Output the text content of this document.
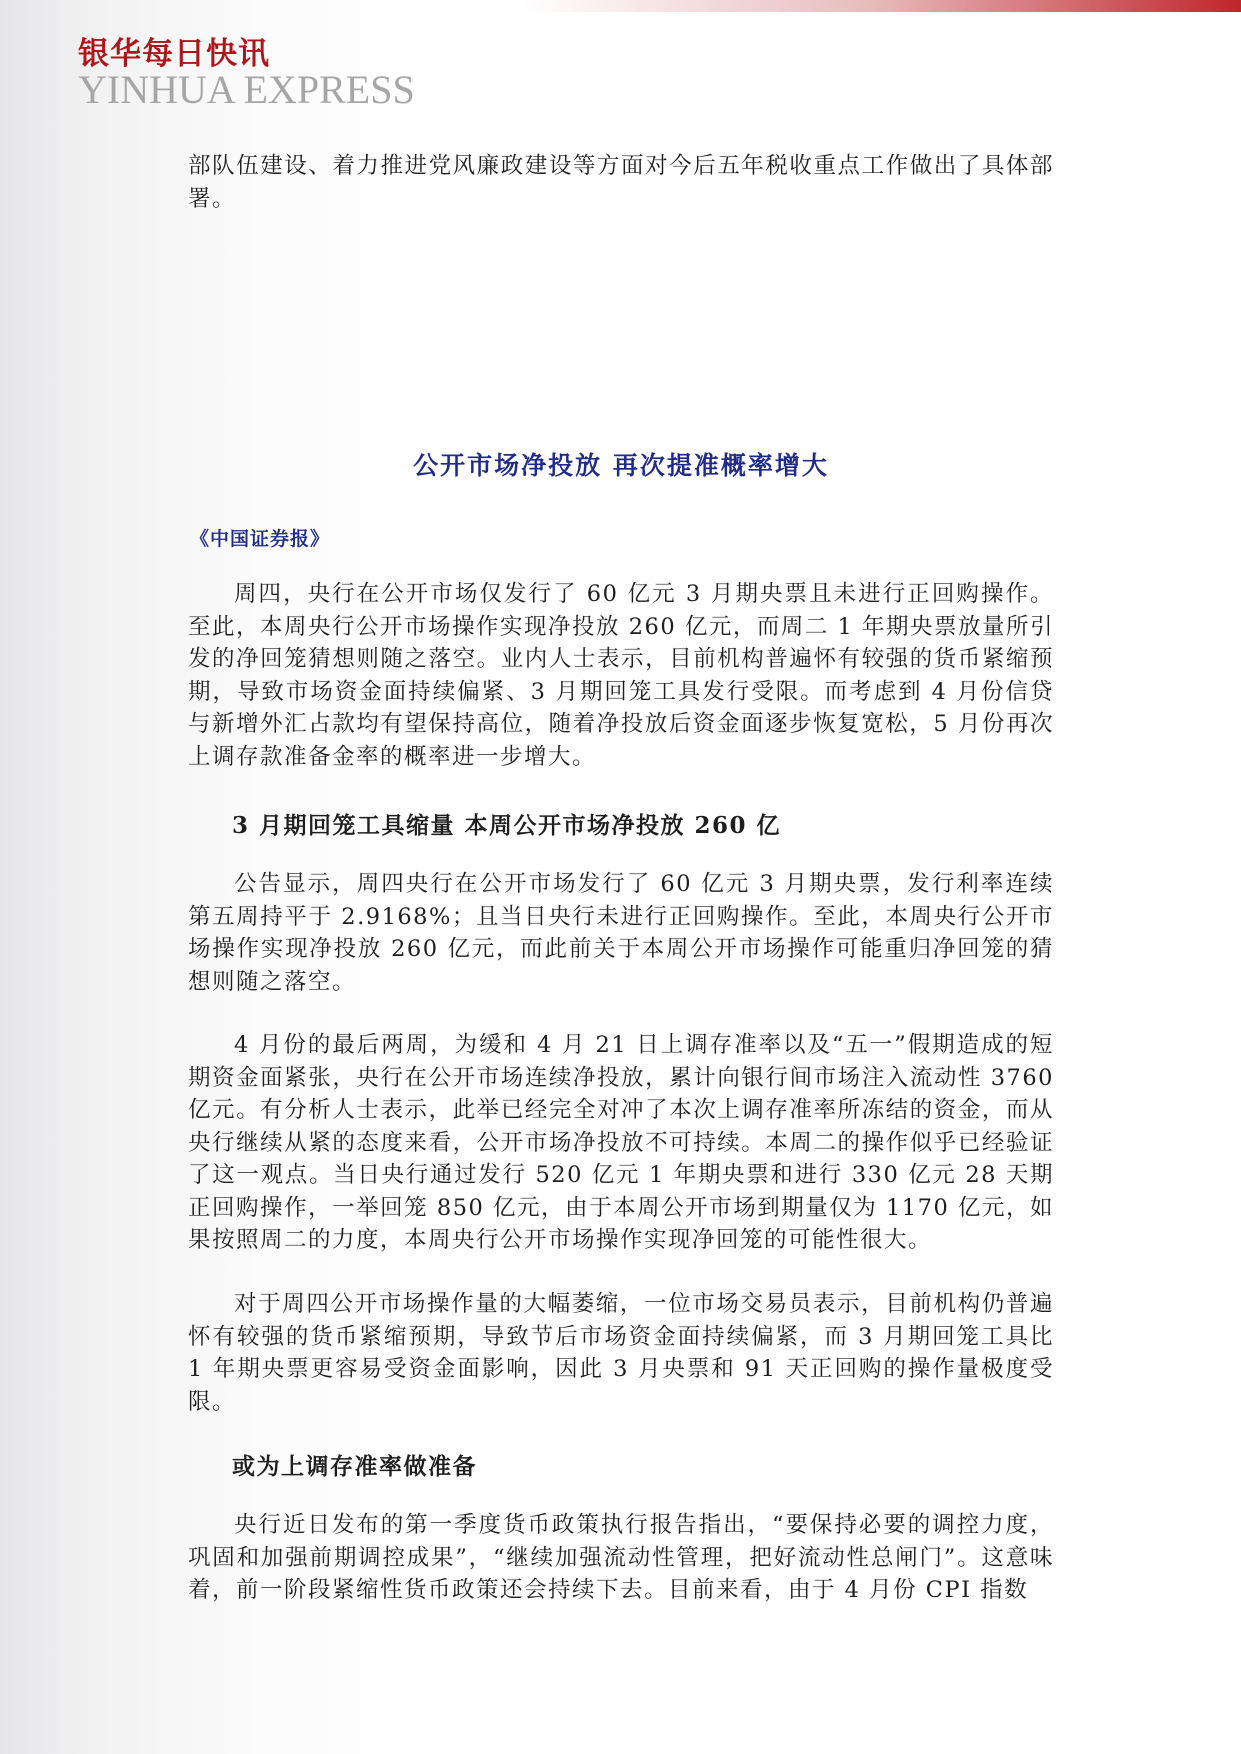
银华每日快讯
YINHUA EXPRESS

部队伍建设、着力推进党风廉政建设等方面对今后五年税收重点工作做出了具体部署。

公开市场净投放 再次提准概率增大
《中国证券报》

周四，央行在公开市场仅发行了 60 亿元 3 月期央票且未进行正回购操作。至此，本周央行公开市场操作实现净投放 260 亿元，而周二 1 年期央票放量所引发的净回笼猜想则随之落空。业内人士表示，目前机构普遍怀有较强的货币紧缩预期，导致市场资金面持续偏紧、3 月期回笼工具发行受限。而考虑到 4 月份信贷与新增外汇占款均有望保持高位，随着净投放后资金面逐步恢复宽松，5 月份再次上调存款准备金率的概率进一步增大。

3 月期回笼工具缩量 本周公开市场净投放 260 亿

公告显示，周四央行在公开市场发行了 60 亿元 3 月期央票，发行利率连续第五周持平于 2.9168%；且当日央行未进行正回购操作。至此，本周央行公开市场操作实现净投放 260 亿元，而此前关于本周公开市场操作可能重归净回笼的猜想则随之落空。

4 月份的最后两周，为缓和 4 月 21 日上调存准率以及“五一”假期造成的短期资金面紧张，央行在公开市场连续净投放，累计向银行间市场注入流动性 3760 亿元。有分析人士表示，此举已经完全对冲了本次上调存准率所冻结的资金，而从央行继续从紧的态度来看，公开市场净投放不可持续。本周二的操作似乎已经验证了这一观点。当日央行通过发行 520 亿元 1 年期央票和进行 330 亿元 28 天期正回购操作，一举回笼 850 亿元，由于本周公开市场到期量仅为 1170 亿元，如果按照周二的力度，本周央行公开市场操作实现净回笼的可能性很大。

对于周四公开市场操作量的大幅萎缩，一位市场交易员表示，目前机构仍普遍怀有较强的货币紧缩预期，导致节后市场资金面持续偏紧，而 3 月期回笼工具比 1 年期央票更容易受资金面影响，因此 3 月央票和 91 天正回购的操作量极度受限。

或为上调存准率做准备

央行近日发布的第一季度货币政策执行报告指出，“要保持必要的调控力度，巩固和加强前期调控成果”，“继续加强流动性管理，把好流动性总闸门”。这意味着，前一阶段紧缩性货币政策还会持续下去。目前来看，由于 4 月份 CPI 指数
